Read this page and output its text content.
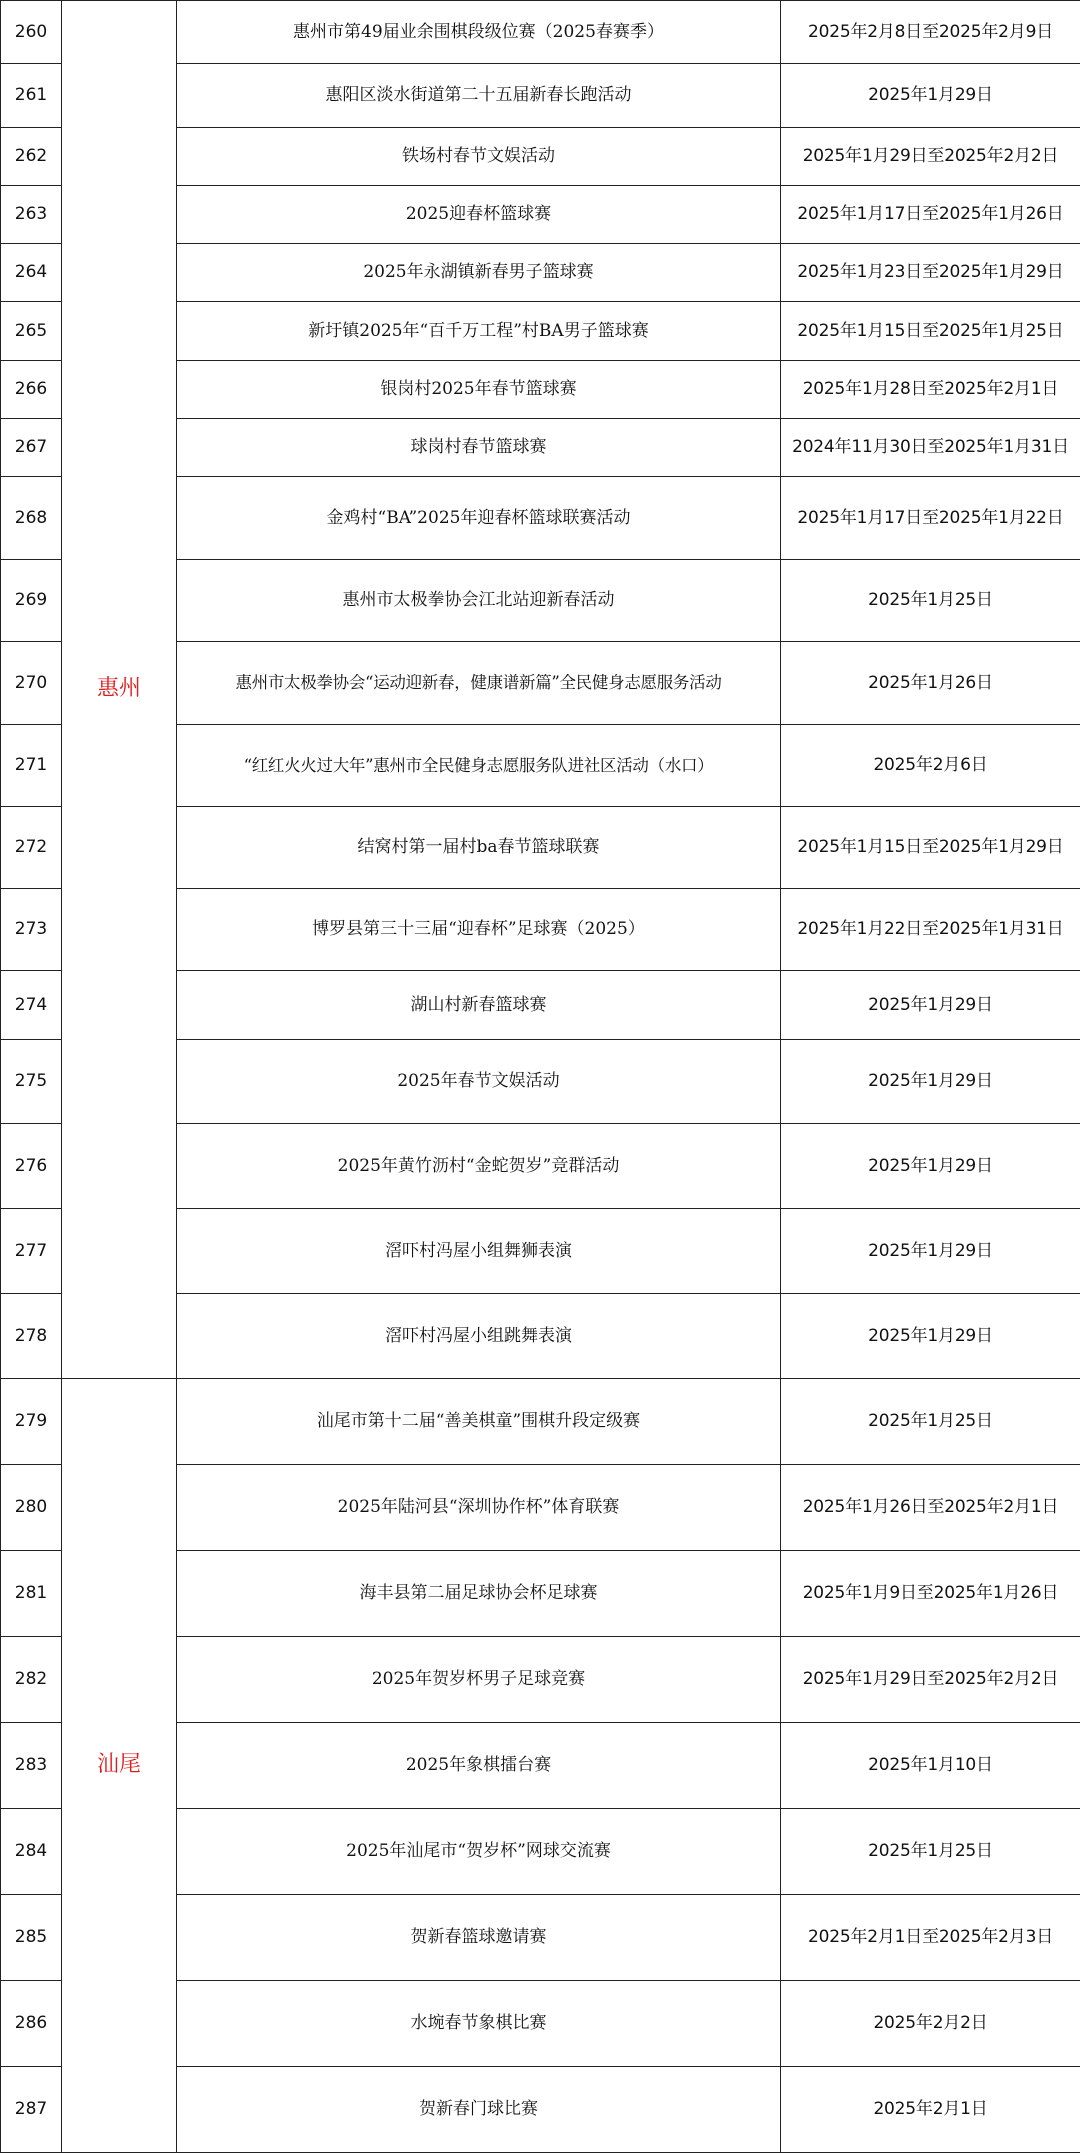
260	惠州	惠州市第49届业余围棋段级位赛（2025春赛季）	2025年2月8日至2025年2月9日
261		惠阳区淡水街道第二十五届新春长跑活动	2025年1月29日
262		铁场村春节文娱活动	2025年1月29日至2025年2月2日
263		2025迎春杯篮球赛	2025年1月17日至2025年1月26日
264		2025年永湖镇新春男子篮球赛	2025年1月23日至2025年1月29日
265		新圩镇2025年“百千万工程”村BA男子篮球赛	2025年1月15日至2025年1月25日
266		银岗村2025年春节篮球赛	2025年1月28日至2025年2月1日
267		球岗村春节篮球赛	2024年11月30日至2025年1月31日
268		金鸡村“BA”2025年迎春杯篮球联赛活动	2025年1月17日至2025年1月22日
269		惠州市太极拳协会江北站迎新春活动	2025年1月25日
270		惠州市太极拳协会“运动迎新春，健康谱新篇”全民健身志愿服务活动	2025年1月26日
271		“红红火火过大年”惠州市全民健身志愿服务队进社区活动（水口）	2025年2月6日
272		结窝村第一届村ba春节篮球联赛	2025年1月15日至2025年1月29日
273		博罗县第三十三届“迎春杯”足球赛（2025）	2025年1月22日至2025年1月31日
274		湖山村新春篮球赛	2025年1月29日
275		2025年春节文娱活动	2025年1月29日
276		2025年黄竹沥村“金蛇贺岁”竞群活动	2025年1月29日
277		滘吓村冯屋小组舞狮表演	2025年1月29日
278		滘吓村冯屋小组跳舞表演	2025年1月29日
279	汕尾	汕尾市第十二届“善美棋童”围棋升段定级赛	2025年1月25日
280		2025年陆河县“深圳协作杯”体育联赛	2025年1月26日至2025年2月1日
281		海丰县第二届足球协会杯足球赛	2025年1月9日至2025年1月26日
282		2025年贺岁杯男子足球竞赛	2025年1月29日至2025年2月2日
283		2025年象棋擂台赛	2025年1月10日
284		2025年汕尾市“贺岁杯”网球交流赛	2025年1月25日
285		贺新春篮球邀请赛	2025年2月1日至2025年2月3日
286		水埦春节象棋比赛	2025年2月2日
287		贺新春门球比赛	2025年2月1日
